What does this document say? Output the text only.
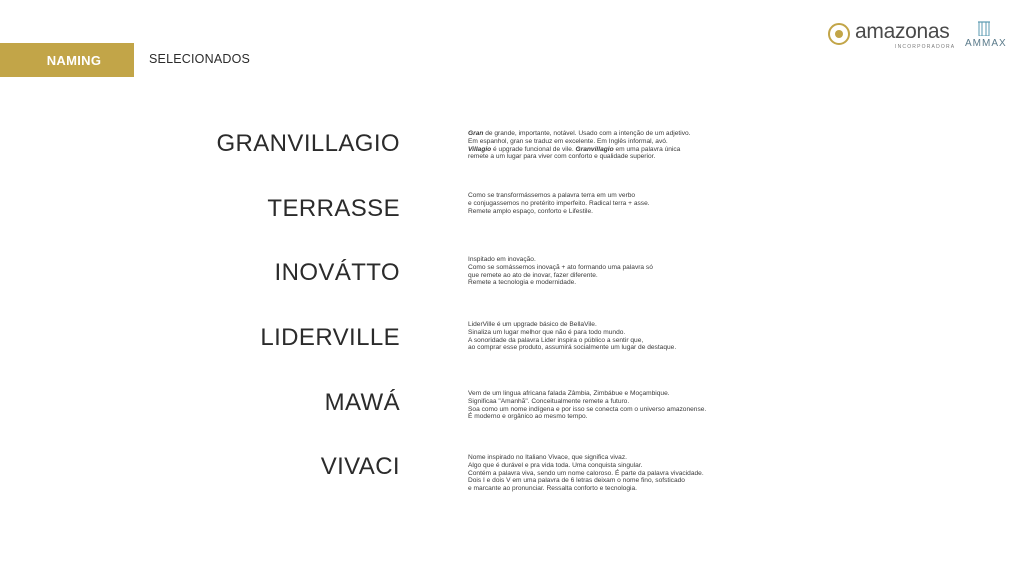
NAMING	SELECIONADOS
amazonas
INCORPORADORA AMMAX
GRANVILLAGIO	Gran de grande, importante, notável. Usado com a intenção de um adjetivo.
Em espanhol, gran se traduz em excelente. Em Inglês informal, avó.
Villagio é upgrade funcional de vile. Granvillagio em uma palavra única
remete a um lugar para viver com conforto e qualidade superior.
TERRASSE	Como se transformássemos a palavra terra em um verbo
e conjugassemos no pretérito imperfeito. Radical terra + asse.
Remete amplo espaço, conforto e Lifestile.
INOVÁTTO	Inspitado em inovação.
Como se somássemos inovaçã + ato formando uma palavra só
que remete ao ato de inovar, fazer diferente.
Remete a tecnologia e modernidade.
LIDERVILLE	LiderVille é um upgrade básico de BellaVile.
Sinaliza um lugar melhor que não é para todo mundo.
A sonoridade da palavra Lider inspira o público a sentir que,
ao comprar esse produto, assumirá socialmente um lugar de destaque.
MAWÁ	Vem de um lingua africana falada Zâmbia, Zimbábue e Moçambique.
Significaa "Amanhã". Conceitualmente remete a futuro.
Soa como um nome indígena e por isso se conecta com o universo amazonense.
É moderno e orgânico ao mesmo tempo.
VIVACI	Nome inspirado no Italiano Vivace, que significa vivaz.
Algo que é durável e pra vida toda. Uma conquista singular.
Contém a palavra viva, sendo um nome caloroso. É parte da palavra vivacidade.
Dois I e dois V em uma palavra de 6 letras deixam o nome fino, sofsticado
e marcante ao pronunciar. Ressalta conforto e tecnologia.
